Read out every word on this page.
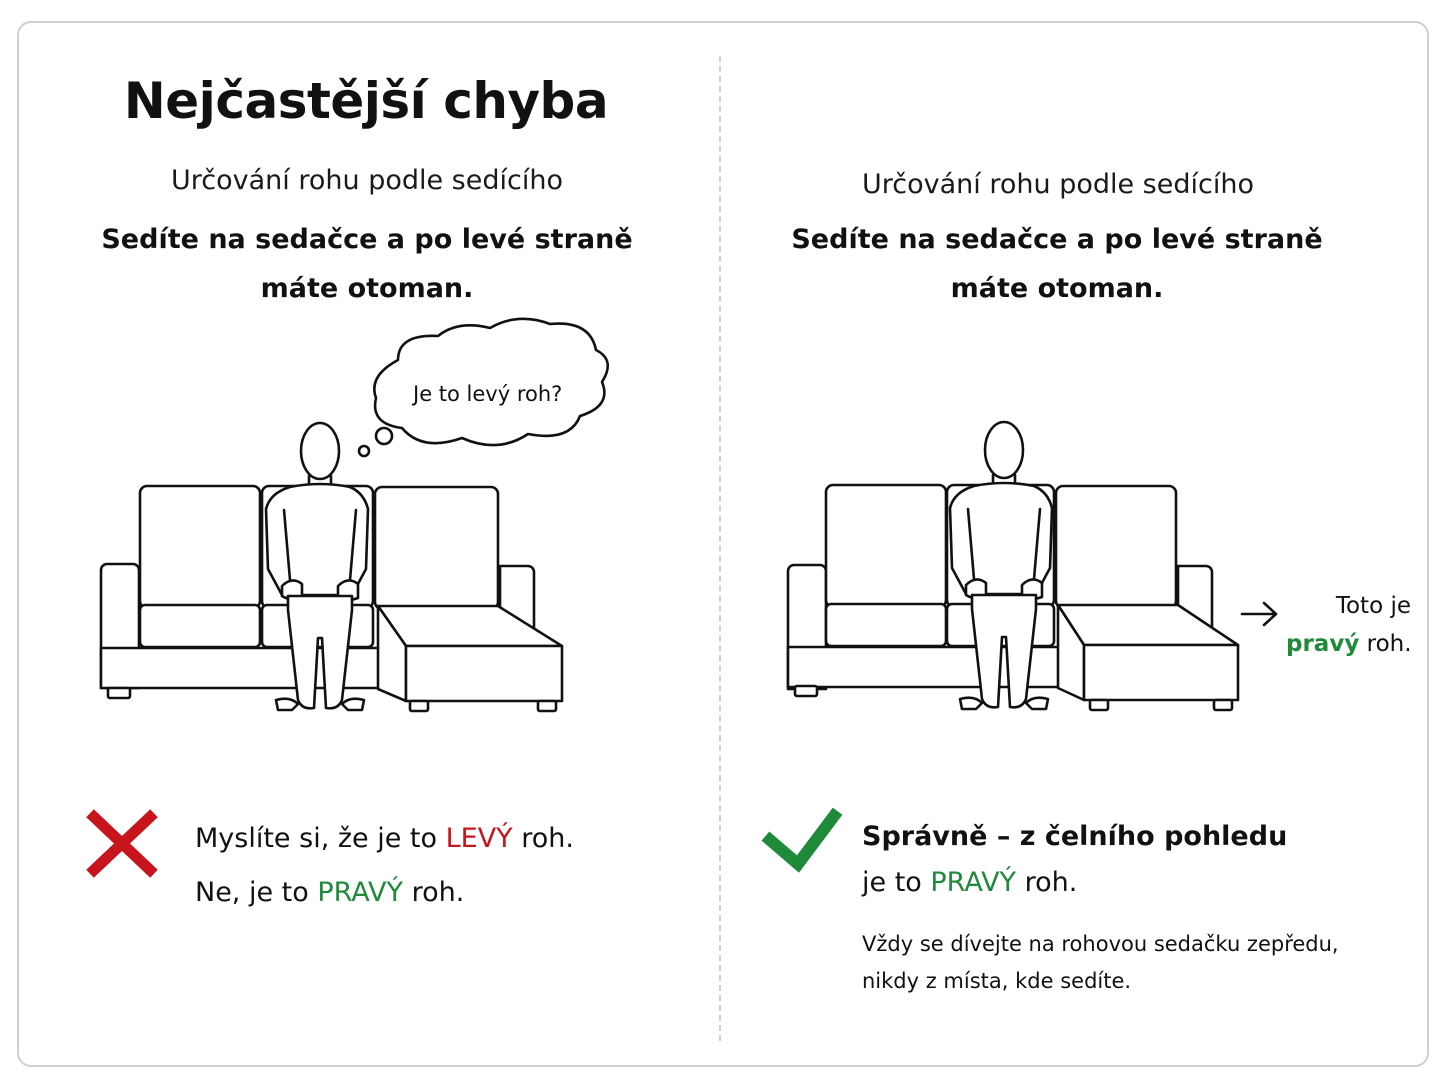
Nejčastější chyba
Určování rohu podle sedícího
Sedíte na sedačce a po levé straně
máte otoman.
Určování rohu podle sedícího
Sedíte na sedačce a po levé straně
máte otoman.
Je to levý roh?
Toto je
pravý roh.
Myslíte si, že je to LEVÝ roh.
Ne, je to PRAVÝ roh.
Správně – z čelního pohledu
je to PRAVÝ roh.
Vždy se dívejte na rohovou sedačku zepředu,
nikdy z místa, kde sedíte.
